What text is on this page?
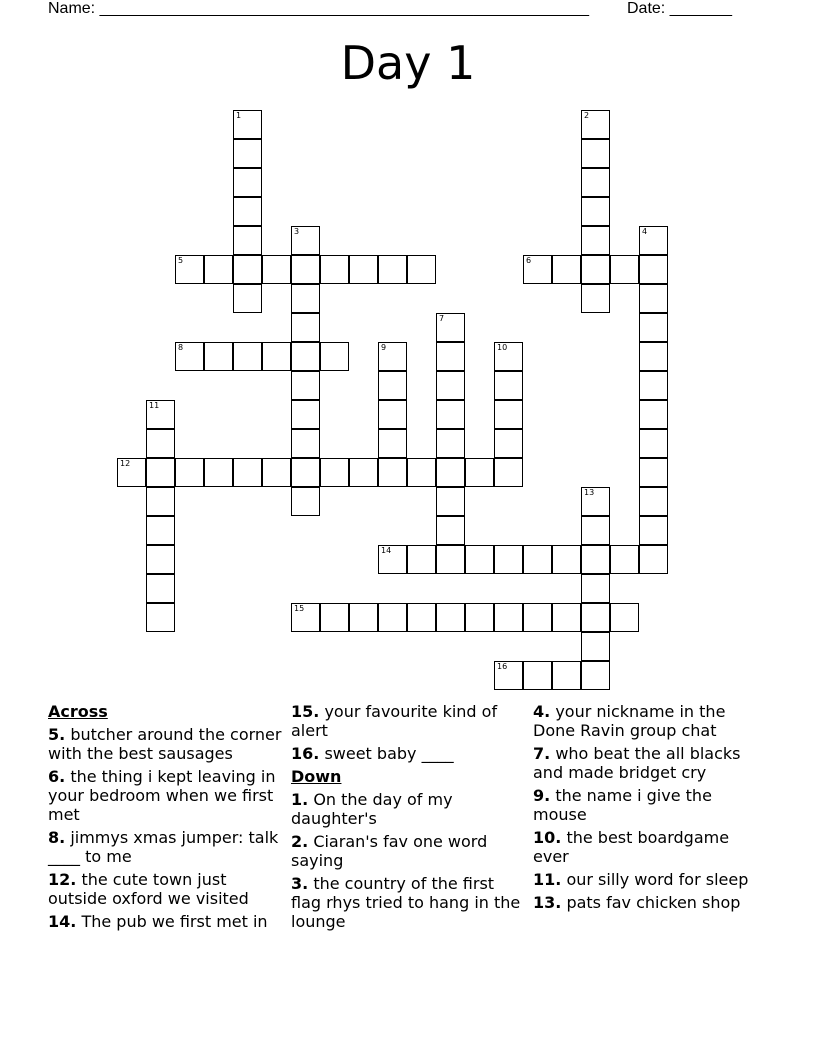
Name: _______________________________________________________ Date: _______
Day 1
1	2
3	4
5	6
7
8	9	10
11
12
13
14
15
16
Across
5. butcher around the corner with the best sausages
6. the thing i kept leaving in your bedroom when we first met
8. jimmys xmas jumper: talk ____ to me
12. the cute town just outside oxford we visited
14. The pub we first met in
15. your favourite kind of alert
16. sweet baby ____
Down
1. On the day of my daughter's
2. Ciaran's fav one word saying
3. the country of the first flag rhys tried to hang in the lounge
4. your nickname in the Done Ravin group chat
7. who beat the all blacks and made bridget cry
9. the name i give the mouse
10. the best boardgame ever
11. our silly word for sleep
13. pats fav chicken shop
